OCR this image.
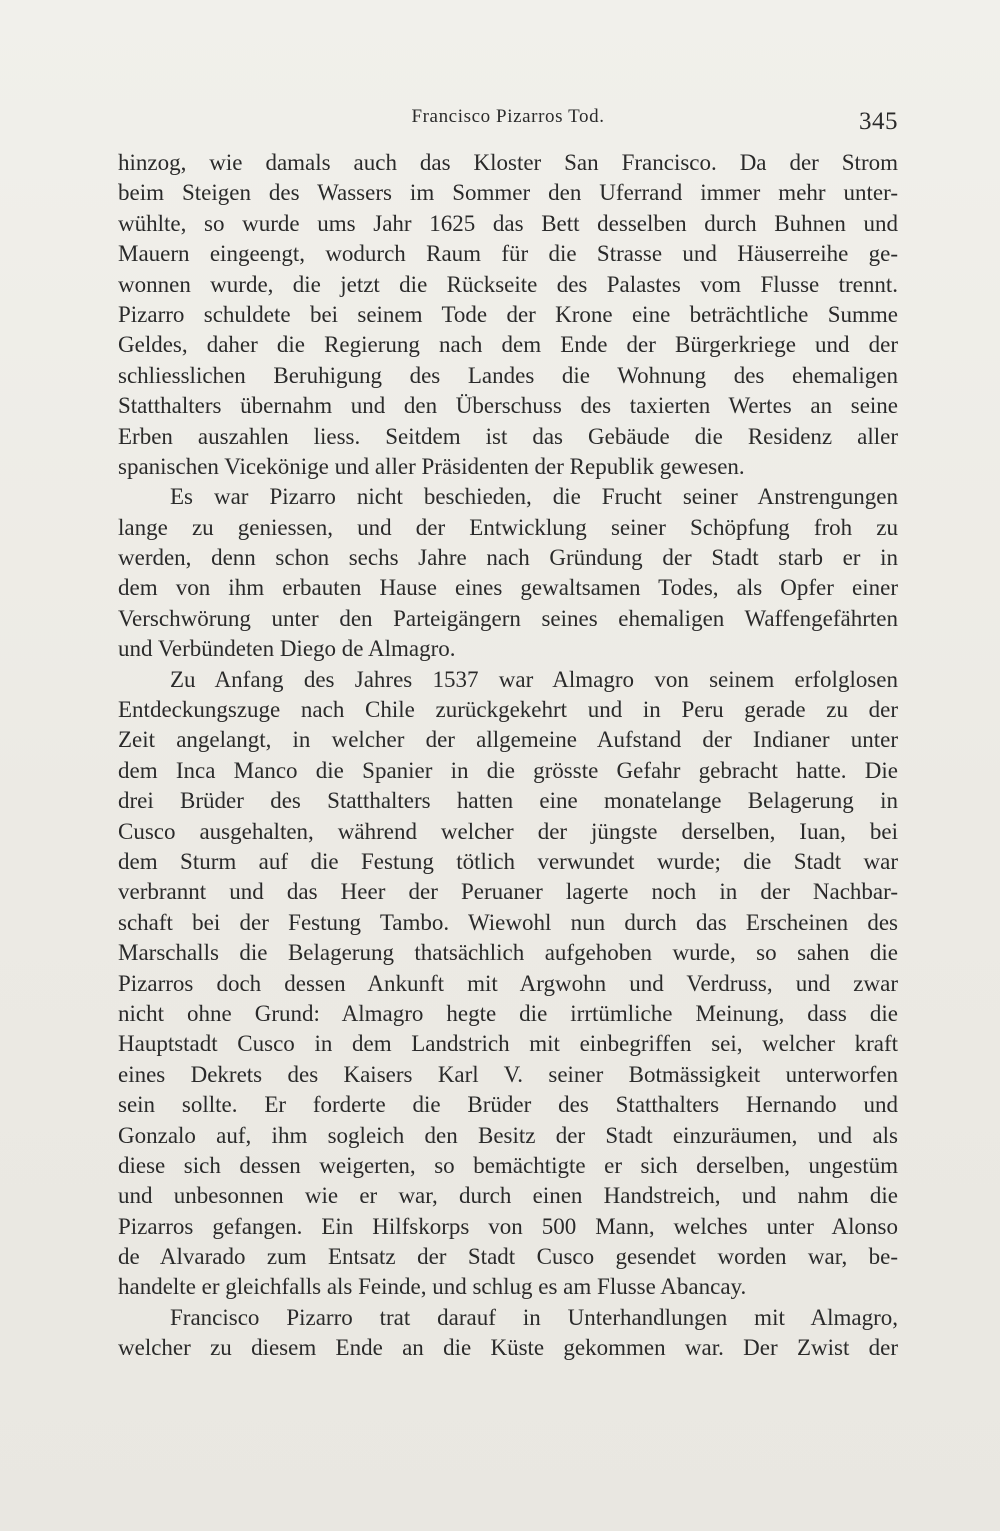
Francisco Pizarros Tod.	345
hinzog, wie damals auch das Kloster San Francisco. Da der Strom
beim Steigen des Wassers im Sommer den Uferrand immer mehr unter-
wühlte, so wurde ums Jahr 1625 das Bett desselben durch Buhnen und
Mauern eingeengt, wodurch Raum für die Strasse und Häuserreihe ge-
wonnen wurde, die jetzt die Rückseite des Palastes vom Flusse trennt.
Pizarro schuldete bei seinem Tode der Krone eine beträchtliche Summe
Geldes, daher die Regierung nach dem Ende der Bürgerkriege und der
schliesslichen Beruhigung des Landes die Wohnung des ehemaligen
Statthalters übernahm und den Überschuss des taxierten Wertes an seine
Erben auszahlen liess. Seitdem ist das Gebäude die Residenz aller
spanischen Vicekönige und aller Präsidenten der Republik gewesen.
Es war Pizarro nicht beschieden, die Frucht seiner Anstrengungen
lange zu geniessen, und der Entwicklung seiner Schöpfung froh zu
werden, denn schon sechs Jahre nach Gründung der Stadt starb er in
dem von ihm erbauten Hause eines gewaltsamen Todes, als Opfer einer
Verschwörung unter den Parteigängern seines ehemaligen Waffengefährten
und Verbündeten Diego de Almagro.
Zu Anfang des Jahres 1537 war Almagro von seinem erfolglosen
Entdeckungszuge nach Chile zurückgekehrt und in Peru gerade zu der
Zeit angelangt, in welcher der allgemeine Aufstand der Indianer unter
dem Inca Manco die Spanier in die grösste Gefahr gebracht hatte. Die
drei Brüder des Statthalters hatten eine monatelange Belagerung in
Cusco ausgehalten, während welcher der jüngste derselben, Iuan, bei
dem Sturm auf die Festung tötlich verwundet wurde; die Stadt war
verbrannt und das Heer der Peruaner lagerte noch in der Nachbar-
schaft bei der Festung Tambo. Wiewohl nun durch das Erscheinen des
Marschalls die Belagerung thatsächlich aufgehoben wurde, so sahen die
Pizarros doch dessen Ankunft mit Argwohn und Verdruss, und zwar
nicht ohne Grund: Almagro hegte die irrtümliche Meinung, dass die
Hauptstadt Cusco in dem Landstrich mit einbegriffen sei, welcher kraft
eines Dekrets des Kaisers Karl V. seiner Botmässigkeit unterworfen
sein sollte. Er forderte die Brüder des Statthalters Hernando und
Gonzalo auf, ihm sogleich den Besitz der Stadt einzuräumen, und als
diese sich dessen weigerten, so bemächtigte er sich derselben, ungestüm
und unbesonnen wie er war, durch einen Handstreich, und nahm die
Pizarros gefangen. Ein Hilfskorps von 500 Mann, welches unter Alonso
de Alvarado zum Entsatz der Stadt Cusco gesendet worden war, be-
handelte er gleichfalls als Feinde, und schlug es am Flusse Abancay.
Francisco Pizarro trat darauf in Unterhandlungen mit Almagro,
welcher zu diesem Ende an die Küste gekommen war. Der Zwist der
